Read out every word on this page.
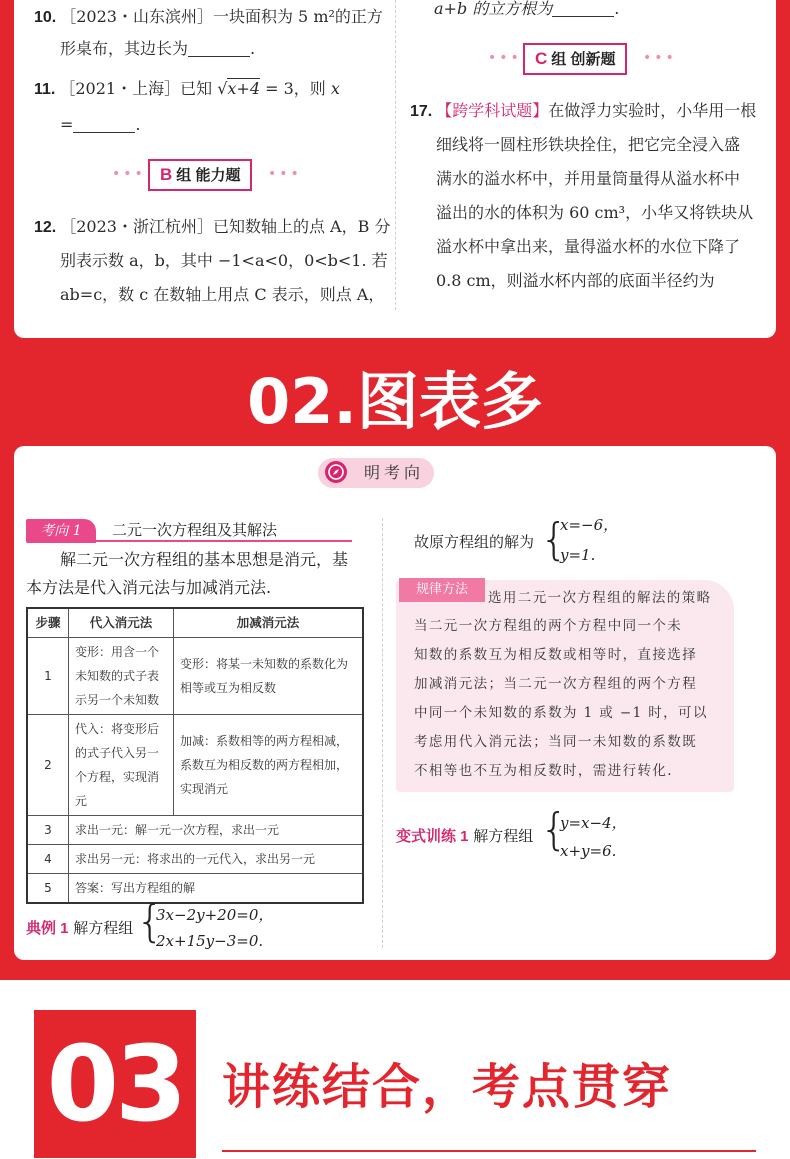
10. ［2023・山东滨州］一块面积为 5 m²的正方
形桌布，其边长为	.
11. ［2021・上海］已知 √x+4 = 3，则 x
=	.
••• B 组 能力题	•••
12. ［2023・浙江杭州］已知数轴上的点 A，B 分
别表示数 a，b，其中 −1<a<0，0<b<1. 若
ab=c，数 c 在数轴上用点 C 表示，则点 A，
a+b 的立方根为	.
••• C 组 创新题	•••
17. 【跨学科试题】在做浮力实验时，小华用一根
细线将一圆柱形铁块拴住，把它完全浸入盛
满水的溢水杯中，并用量筒量得从溢水杯中
溢出的水的体积为 60 cm³，小华又将铁块从
溢水杯中拿出来，量得溢水杯的水位下降了
0.8 cm，则溢水杯内部的底面半径约为
02.图表多
明考向
考向 1	二元一次方程组及其解法
解二元一次方程组的基本思想是消元，基
本方法是代入消元法与加减消元法.
步骤	代入消元法	加减消元法
1	变形：用含一个未知数的式子表示另一个未知数	变形：将某一未知数的系数化为相等或互为相反数
2	代入：将变形后的式子代入另一个方程，实现消元	加减：系数相等的两方程相减，系数互为相反数的两方程相加，实现消元
3	求出一元：解一元一次方程，求出一元	
4	求出另一元：将求出的一元代入，求出另一元	
5	答案：写出方程组的解	
典例 1 解方程组 {
3x−2y+20=0，
2x+15y−3=0.
故原方程组的解为 {
x=−6，
y=1.
规律方法
选用二元一次方程组的解法的策略
当二元一次方程组的两个方程中同一个未
知数的系数互为相反数或相等时，直接选择
加减消元法；当二元一次方程组的两个方程
中同一个未知数的系数为 1 或 −1 时，可以
考虑用代入消元法；当同一未知数的系数既
不相等也不互为相反数时，需进行转化.
变式训练 1 解方程组 {
y=x−4，
x+y=6.
03 讲练结合，考点贯穿
